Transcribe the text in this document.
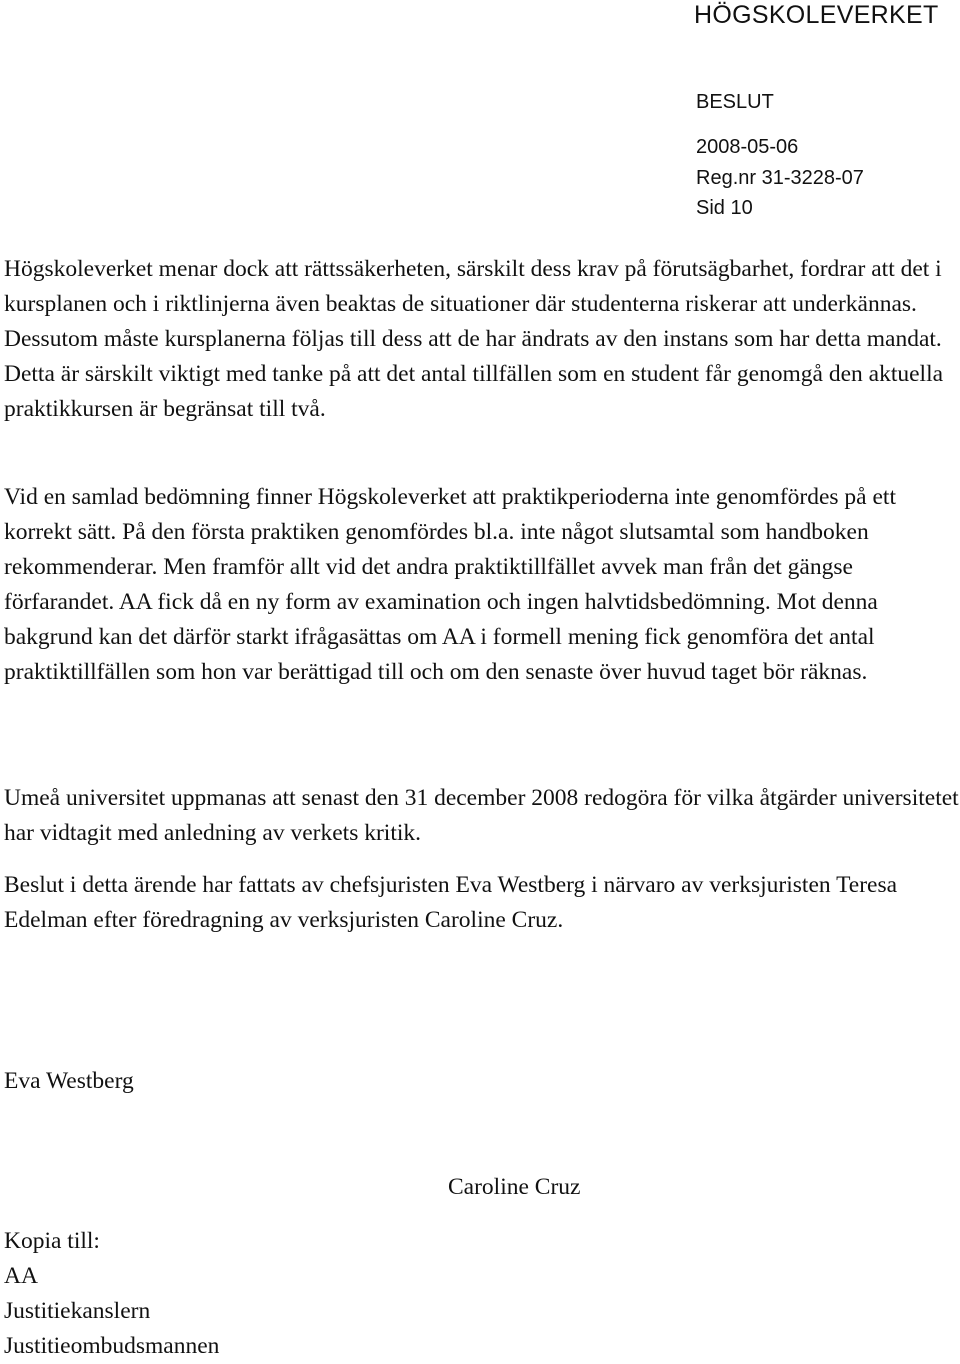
HÖGSKOLEVERKET
BESLUT
2008-05-06
Reg.nr 31-3228-07
Sid 10

Högskoleverket menar dock att rättssäkerheten, särskilt dess krav på förutsägbarhet, fordrar att det i kursplanen och i riktlinjerna även beaktas de situationer där studenterna riskerar att underkännas. Dessutom måste kursplanerna följas till dess att de har ändrats av den instans som har detta mandat. Detta är särskilt viktigt med tanke på att det antal tillfällen som en student får genomgå den aktuella praktikkursen är begränsat till två.

Vid en samlad bedömning finner Högskoleverket att praktikperioderna inte genomfördes på ett korrekt sätt. På den första praktiken genomfördes bl.a. inte något slutsamtal som handboken rekommenderar. Men framför allt vid det andra praktiktillfället avvek man från det gängse förfarandet. AA fick då en ny form av examination och ingen halvtidsbedömning. Mot denna bakgrund kan det därför starkt ifrågasättas om AA i formell mening fick genomföra det antal praktiktillfällen som hon var berättigad till och om den senaste över huvud taget bör räknas.

Umeå universitet uppmanas att senast den 31 december 2008 redogöra för vilka åtgärder universitetet har vidtagit med anledning av verkets kritik.

Beslut i detta ärende har fattats av chefsjuristen Eva Westberg i närvaro av verksjuristen Teresa Edelman efter föredragning av verksjuristen Caroline Cruz.

Eva Westberg
Caroline Cruz
Kopia till:
AA
Justitiekanslern
Justitieombudsmannen
